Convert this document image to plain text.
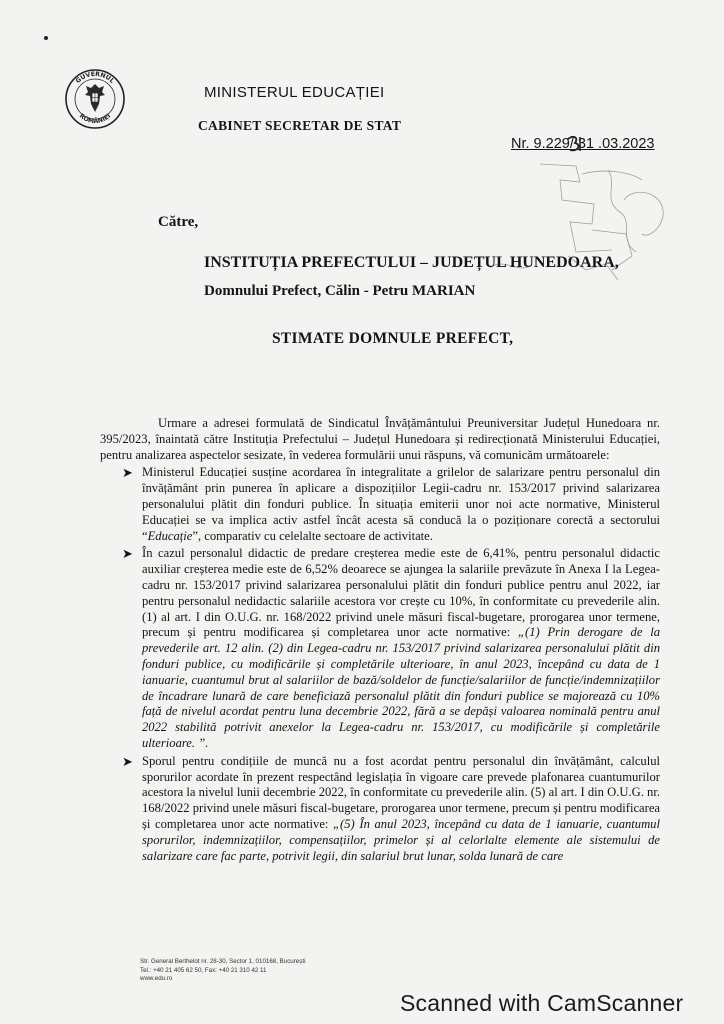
GUVERNUL
ROMÂNIEI
MINISTERUL EDUCAȚIEI
CABINET SECRETAR DE STAT
Nr. 9.229/ 31 .03.2023
Către,
INSTITUȚIA PREFECTULUI – JUDEȚUL HUNEDOARA,
Domnului Prefect, Călin - Petru MARIAN
STIMATE DOMNULE PREFECT,

Urmare a adresei formulată de Sindicatul Învățământului Preuniversitar Județul Hunedoara nr. 395/2023, înaintată către Instituția Prefectului – Județul Hunedoara și redirecționată Ministerului Educației, pentru analizarea aspectelor sesizate, în vederea formulării unui răspuns, vă comunicăm următoarele:

➤ Ministerul Educației susține acordarea în integralitate a grilelor de salarizare pentru personalul din învățământ prin punerea în aplicare a dispozițiilor Legii-cadru nr. 153/2017 privind salarizarea personalului plătit din fonduri publice. În situația emiterii unor noi acte normative, Ministerul Educației se va implica activ astfel încât acesta să conducă la o poziționare corectă a sectorului “Educație”, comparativ cu celelalte sectoare de activitate.
➤ În cazul personalul didactic de predare creșterea medie este de 6,41%, pentru personalul didactic auxiliar creșterea medie este de 6,52% deoarece se ajungea la salariile prevăzute în Anexa I la Legea-cadru nr. 153/2017 privind salarizarea personalului plătit din fonduri publice pentru anul 2022, iar pentru personalul nedidactic salariile acestora vor crește cu 10%, în conformitate cu prevederile alin. (1) al art. I din O.U.G. nr. 168/2022 privind unele măsuri fiscal-bugetare, prorogarea unor termene, precum și pentru modificarea și completarea unor acte normative: „(1) Prin derogare de la prevederile art. 12 alin. (2) din Legea-cadru nr. 153/2017 privind salarizarea personalului plătit din fonduri publice, cu modificările și completările ulterioare, în anul 2023, începând cu data de 1 ianuarie, cuantumul brut al salariilor de bază/soldelor de funcție/salariilor de funcție/indemnizațiilor de încadrare lunară de care beneficiază personalul plătit din fonduri publice se majorează cu 10% față de nivelul acordat pentru luna decembrie 2022, fără a se depăși valoarea nominală pentru anul 2022 stabilită potrivit anexelor la Legea-cadru nr. 153/2017, cu modificările și completările ulterioare. ”.
➤ Sporul pentru condițiile de muncă nu a fost acordat pentru personalul din învățământ, calculul sporurilor acordate în prezent respectând legislația în vigoare care prevede plafonarea cuantumurilor acestora la nivelul lunii decembrie 2022, în conformitate cu prevederile alin. (5) al art. I din O.U.G. nr. 168/2022 privind unele măsuri fiscal-bugetare, prorogarea unor termene, precum și pentru modificarea și completarea unor acte normative: „(5) În anul 2023, începând cu data de 1 ianuarie, cuantumul sporurilor, indemnizațiilor, compensațiilor, primelor și al celorlalte elemente ale sistemului de salarizare care fac parte, potrivit legii, din salariul brut lunar, solda lunară de care
Str. General Berthelot nr. 28-30, Sector 1, 010168, București
Tel.: +40 21 405 62 50, Fax: +40 21 310 42 11
www.edu.ro
Scanned with CamScanner
